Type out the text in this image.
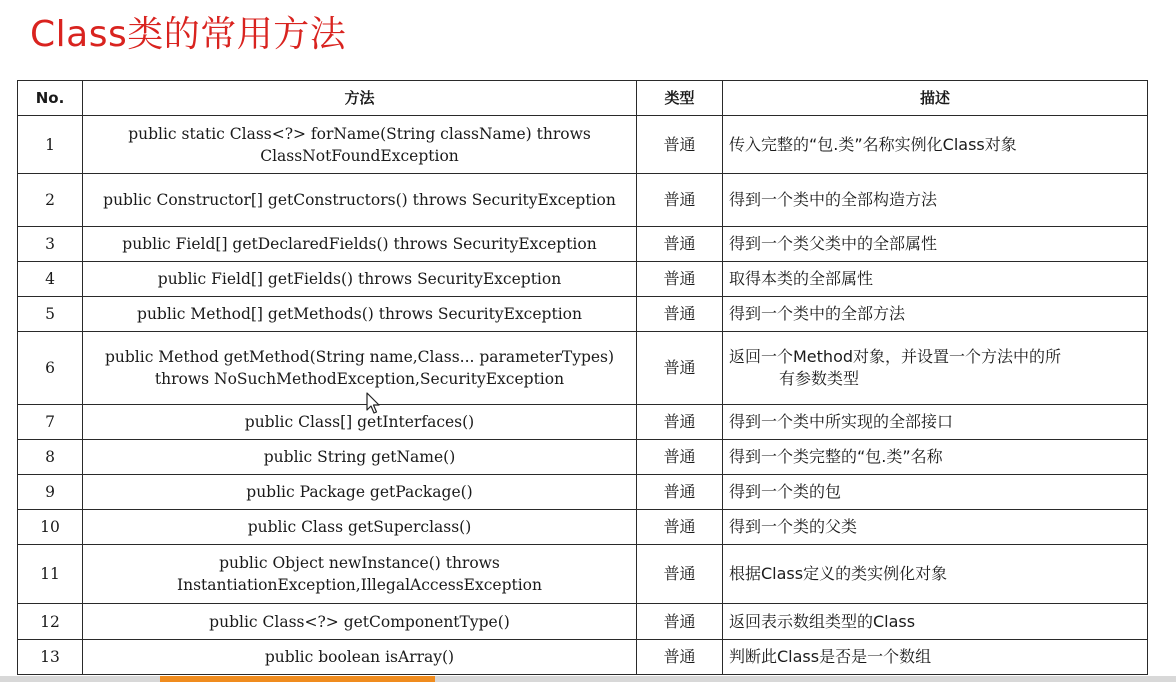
Class类的常用方法
No.	方法	类型	描述
1	public static Class<?> forName(String className) throws
ClassNotFoundException	普通	传入完整的“包.类”名称实例化Class对象
2	public Constructor[] getConstructors() throws SecurityException	普通	得到一个类中的全部构造方法
3	public Field[] getDeclaredFields() throws SecurityException	普通	得到一个类父类中的全部属性
4	public Field[] getFields() throws SecurityException	普通	取得本类的全部属性
5	public Method[] getMethods() throws SecurityException	普通	得到一个类中的全部方法
6	public Method getMethod(String name,Class... parameterTypes)
throws NoSuchMethodException,SecurityException	普通	返回一个Method对象，并设置一个方法中的所
有参数类型

7	public Class[] getInterfaces()	普通	得到一个类中所实现的全部接口
8	public String getName()	普通	得到一个类完整的“包.类”名称
9	public Package getPackage()	普通	得到一个类的包
10	public Class getSuperclass()	普通	得到一个类的父类
11	public Object newInstance() throws
InstantiationException,IllegalAccessException	普通	根据Class定义的类实例化对象
12	public Class<?> getComponentType()	普通	返回表示数组类型的Class
13	public boolean isArray()	普通	判断此Class是否是一个数组
